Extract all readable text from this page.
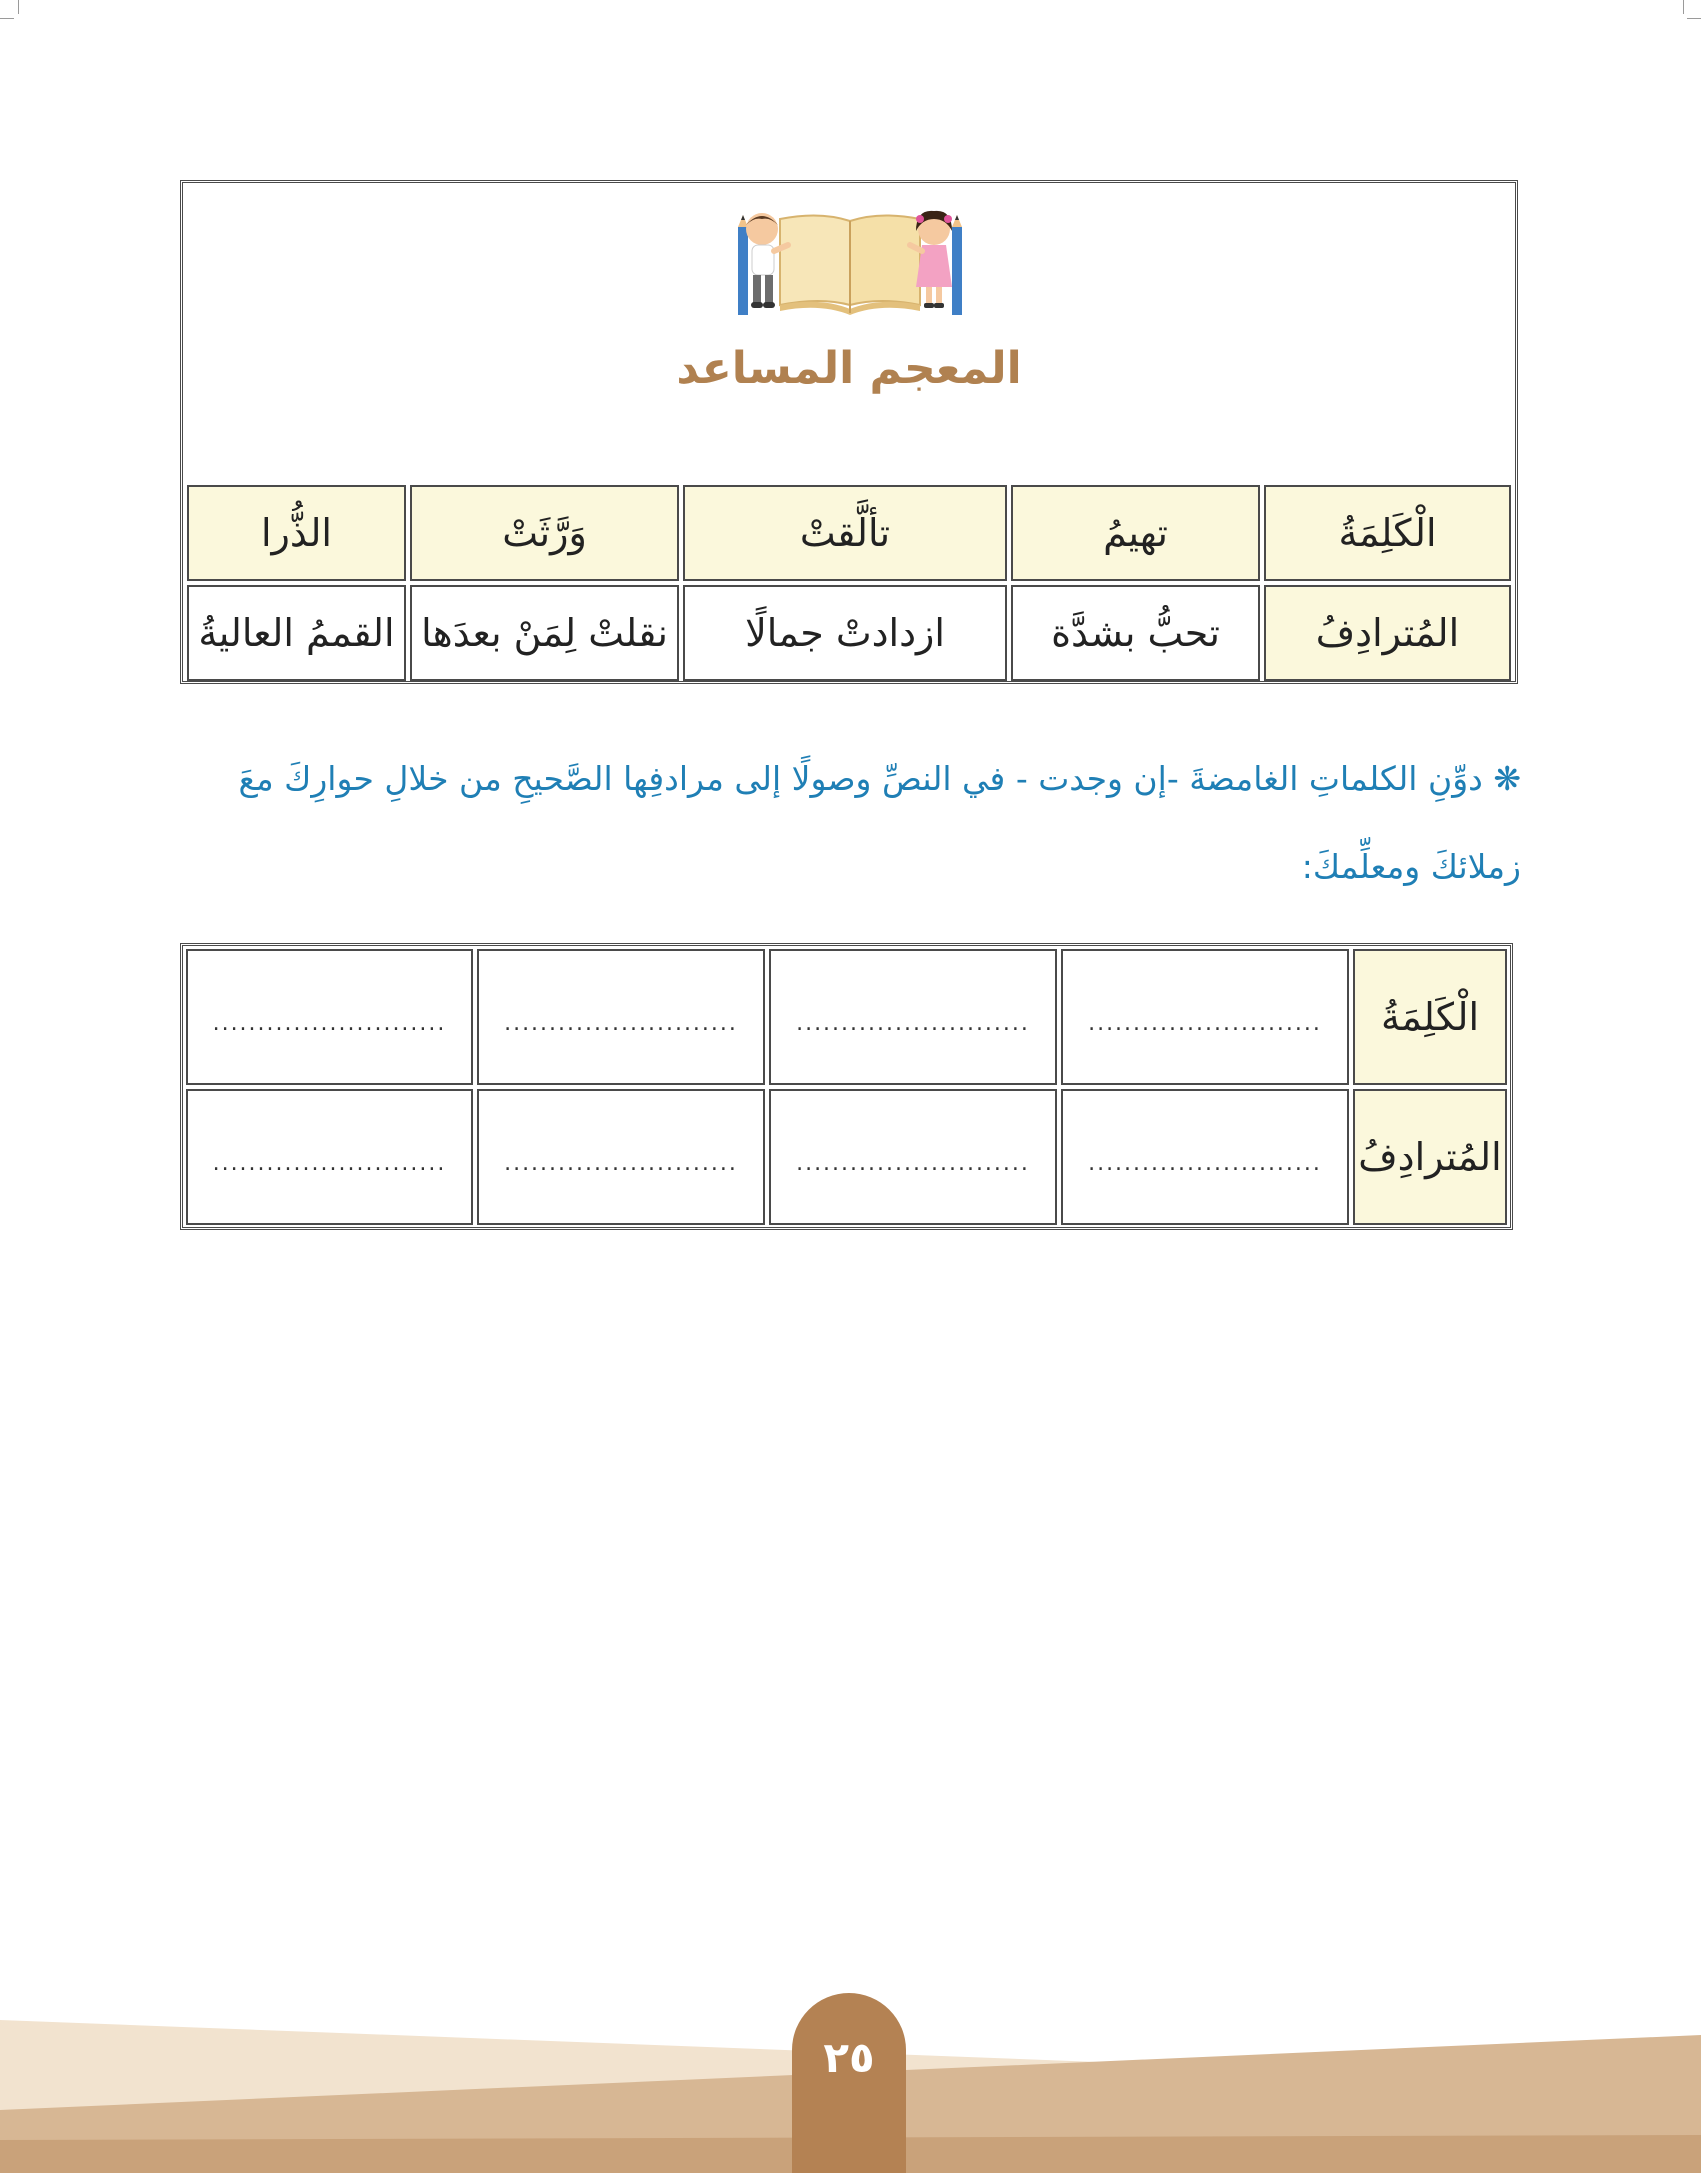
المعجم المساعد
الْكَلِمَةُ	تهيمُ	تألَّقتْ	وَرَّثَتْ	الذُّرا
المُترادِفُ	تحبُّ بشدَّة	ازدادتْ جمالًا	نقلتْ لِمَنْ بعدَها	القممُ العاليةُ
❋ دوِّنِ الكلماتِ الغامضةَ -إن وجدت - في النصِّ وصولًا إلى مرادفِها الصَّحيحِ من خلالِ حوارِكَ معَ
زملائكَ ومعلِّمكَ:
الْكَلِمَةُ	..........................	..........................	..........................	..........................
المُترادِفُ	..........................	..........................	..........................	..........................
٢٥
